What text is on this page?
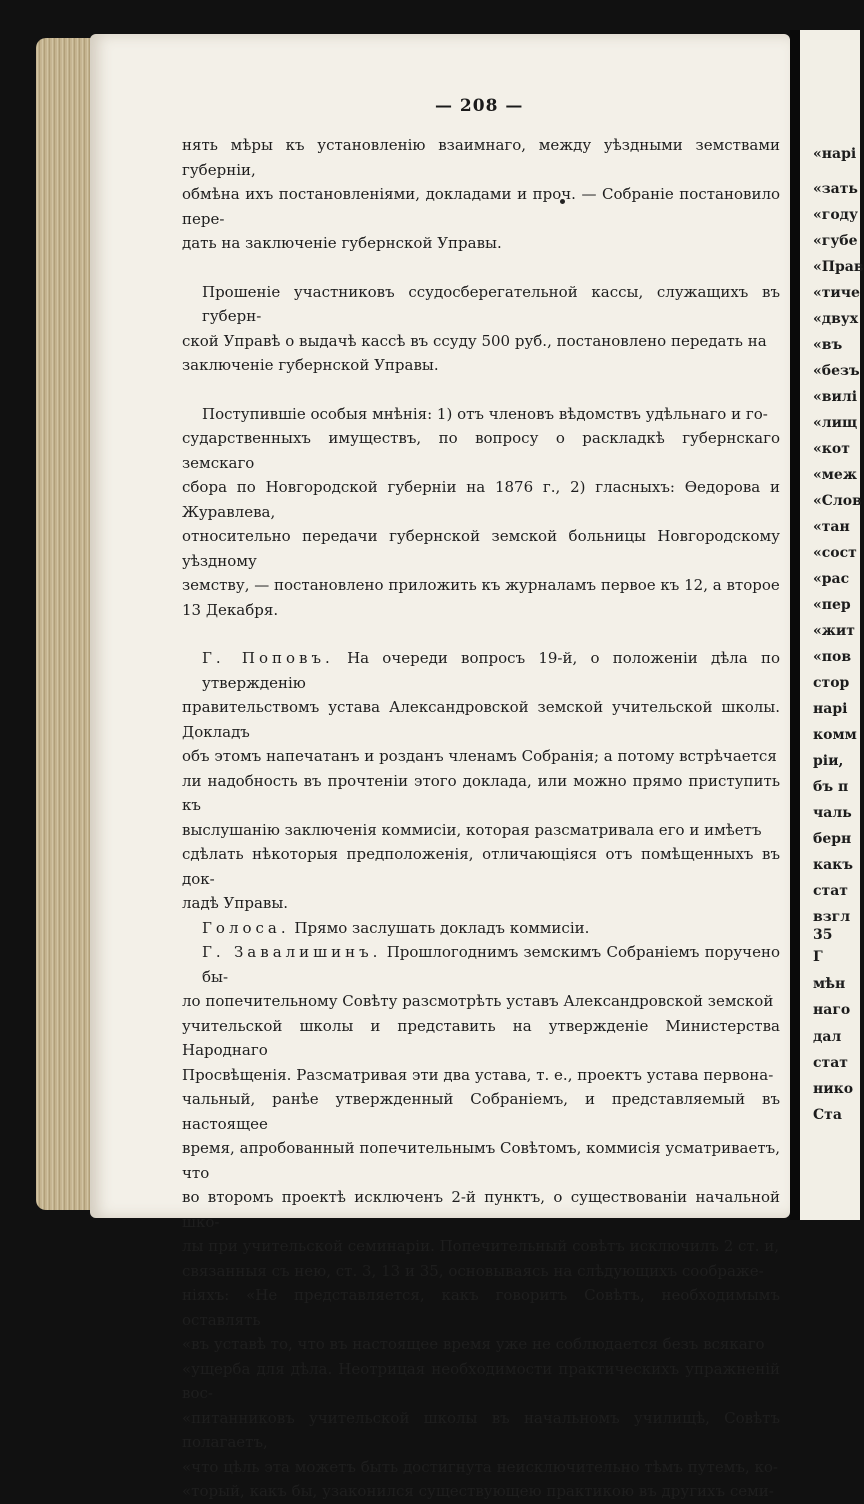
«нарі
«зать
«году
«губе
«Прав
«тиче
«двух
«въ
«безъ
«вилі
«лищ
«кот
«меж
«Слов
«тан
«сост
«рас
«пер
«жит
«пов
стор
нарі
комм
ріи,
бъ п
чаль
берн
какъ
стат
взгл
35
Г
мѣн
наго
дал
стат
нико
Ста
— 208 —
нять мѣры къ установленію взаимнаго, между уѣздными земствами губерніи,
обмѣна ихъ постановленіями, докладами и проч. — Собраніе постановило пере-
дать на заключеніе губернской Управы.
Прошеніе участниковъ ссудосберегательной кассы, служащихъ въ губерн-
ской Управѣ о выдачѣ кассѣ въ ссуду 500 руб., постановлено передать на
заключеніе губернской Управы.
Поступившіе особыя мнѣнія: 1) отъ членовъ вѣдомствъ удѣльнаго и го-
сударственныхъ имуществъ, по вопросу о раскладкѣ губернскаго земскаго
сбора по Новгородской губерніи на 1876 г., 2) гласныхъ: Ѳедорова и Журавлева,
относительно передачи губернской земской больницы Новгородскому уѣздному
земству, — постановлено приложить къ журналамъ первое къ 12, а второе
13 Декабря.
Г. Поповъ. На очереди вопросъ 19-й, о положеніи дѣла по утвержденію
правительствомъ устава Александровской земской учительской школы. Докладъ
объ этомъ напечатанъ и розданъ членамъ Собранія; а потому встрѣчается
ли надобность въ прочтеніи этого доклада, или можно прямо приступить къ
выслушанію заключенія коммисіи, которая разсматривала его и имѣетъ
сдѣлать нѣкоторыя предположенія, отличающіяся отъ помѣщенныхъ въ док-
ладѣ Управы.
Голоса. Прямо заслушать докладъ коммисіи.
Г. Завалишинъ. Прошлогоднимъ земскимъ Собраніемъ поручено бы-
ло попечительному Совѣту разсмотрѣть уставъ Александровской земской
учительской школы и представить на утвержденіе Министерства Народнаго
Просвѣщенія. Разсматривая эти два устава, т. е., проектъ устава первона-
чальный, ранѣе утвержденный Собраніемъ, и представляемый въ настоящее
время, апробованный попечительнымъ Совѣтомъ, коммисія усматриваетъ, что
во второмъ проектѣ исключенъ 2-й пунктъ, о существованіи начальной шко-
лы при учительской семинаріи. Попечительный совѣтъ исключилъ 2 ст. и,
связанныя съ нею, ст. 3, 13 и 35, основываясь на слѣдующихъ соображе-
ніяхъ: «Не представляется, какъ говоритъ Совѣтъ, необходимымъ оставлять
«въ уставѣ то, что въ настоящее время уже не соблюдается безъ всякаго
«ущерба для дѣла. Неотрицая необходимости практическихъ упражненій вос-
«питанниковъ учительской школы въ начальномъ училищѣ, Совѣтъ полагаетъ,
«что цѣль эта можетъ быть достигнута неисключительно тѣмъ путемъ, ко-
«торый, какъ бы, узаконился существующею практикою въ другихъ семи-
